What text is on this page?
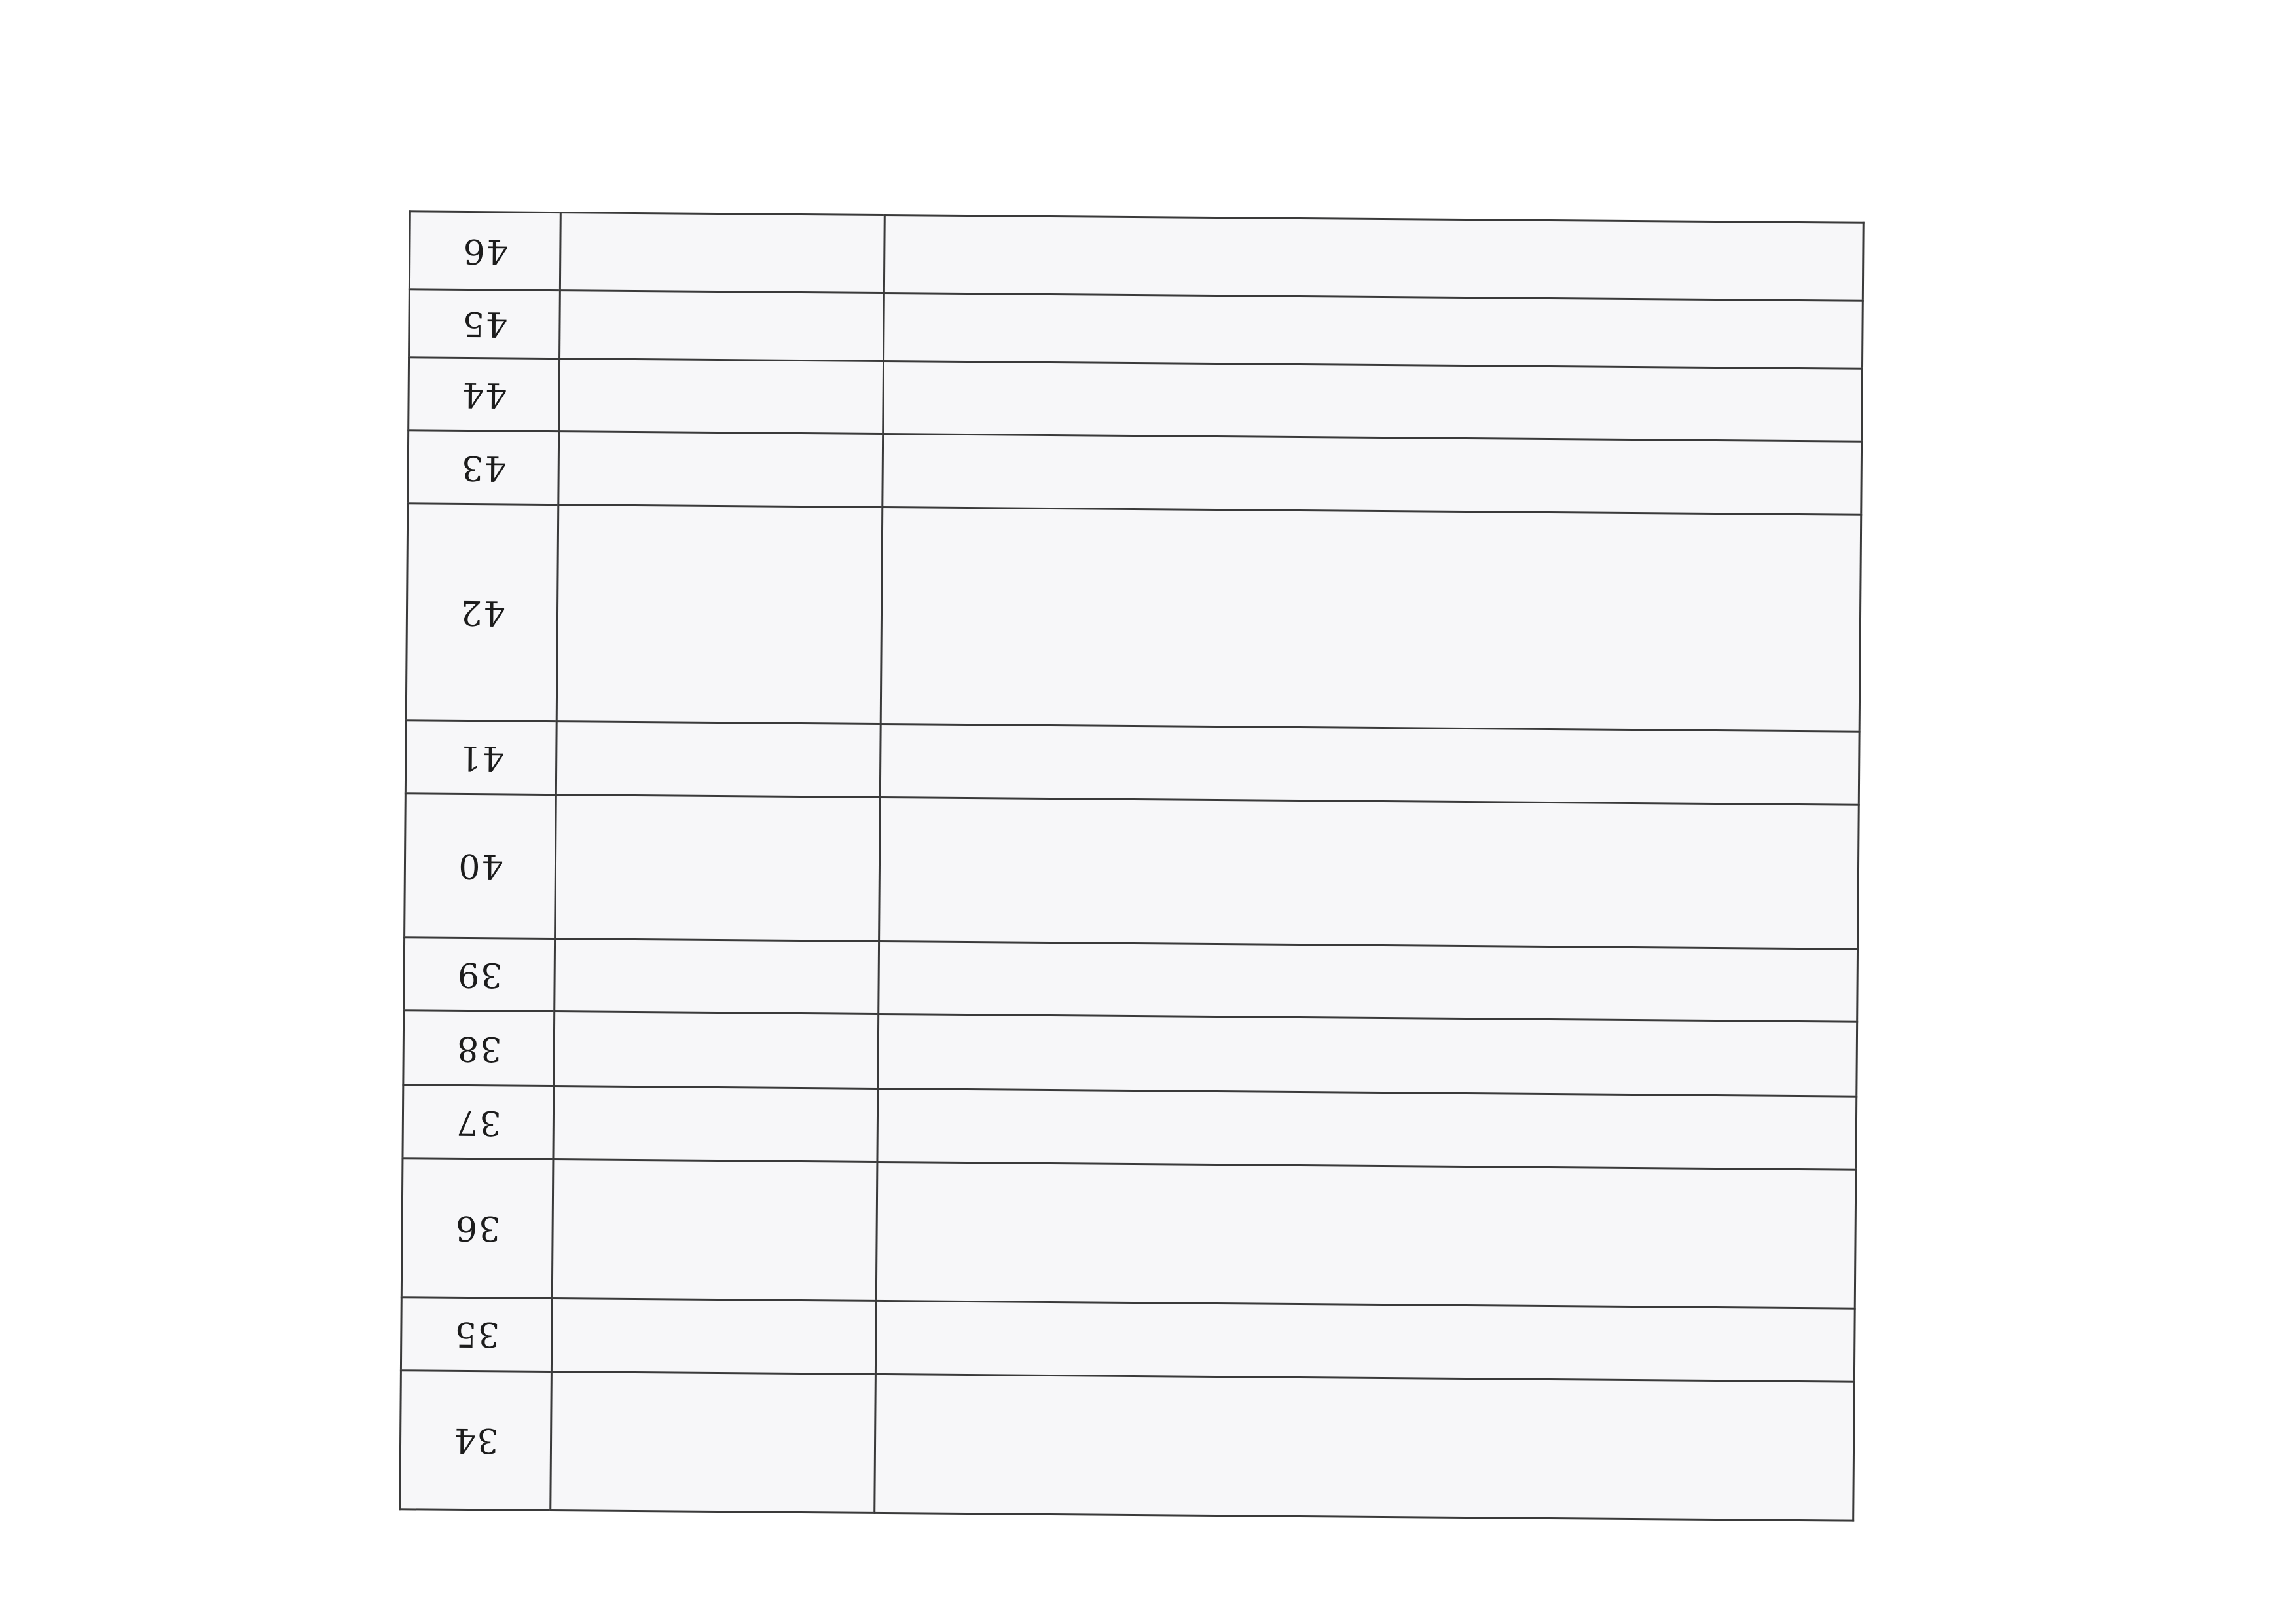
		34

		35

		36

		37

		38

		39

		40

		41

		42

		43

		44

		45

		46
